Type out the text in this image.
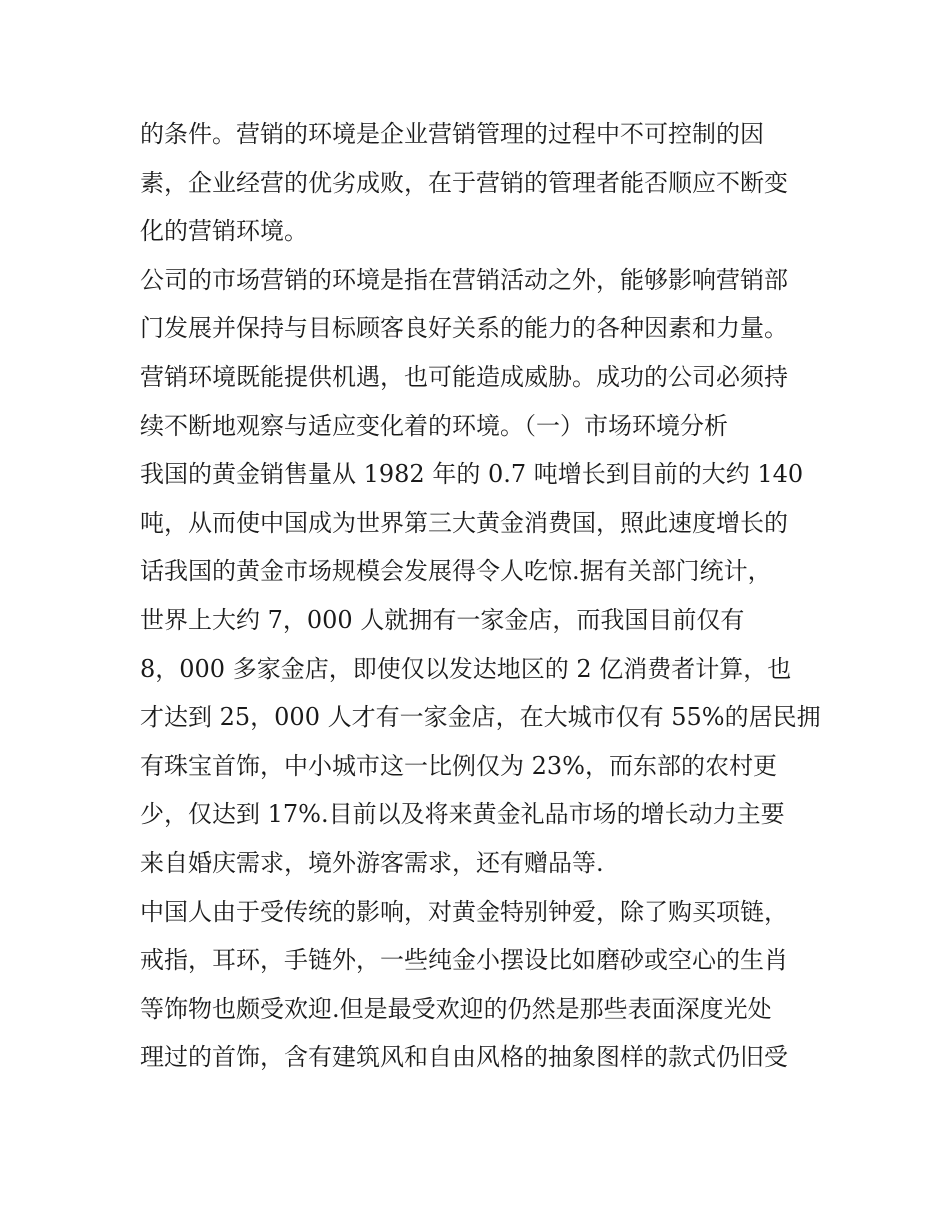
的条件。营销的环境是企业营销管理的过程中不可控制的因
素，企业经营的优劣成败，在于营销的管理者能否顺应不断变
化的营销环境。
公司的市场营销的环境是指在营销活动之外，能够影响营销部
门发展并保持与目标顾客良好关系的能力的各种因素和力量。
营销环境既能提供机遇，也可能造成威胁。成功的公司必须持
续不断地观察与适应变化着的环境。（一）市场环境分析
我国的黄金销售量从 1982 年的 0.7 吨增长到目前的大约 140
吨，从而使中国成为世界第三大黄金消费国，照此速度增长的
话我国的黄金市场规模会发展得令人吃惊.据有关部门统计，
世界上大约 7，000 人就拥有一家金店，而我国目前仅有
8，000 多家金店，即使仅以发达地区的 2 亿消费者计算，也
才达到 25，000 人才有一家金店，在大城市仅有 55%的居民拥
有珠宝首饰，中小城市这一比例仅为 23%，而东部的农村更
少，仅达到 17%.目前以及将来黄金礼品市场的增长动力主要
来自婚庆需求，境外游客需求，还有赠品等.
中国人由于受传统的影响，对黄金特别钟爱，除了购买项链，
戒指，耳环，手链外，一些纯金小摆设比如磨砂或空心的生肖
等饰物也颇受欢迎.但是最受欢迎的仍然是那些表面深度光处
理过的首饰，含有建筑风和自由风格的抽象图样的款式仍旧受
